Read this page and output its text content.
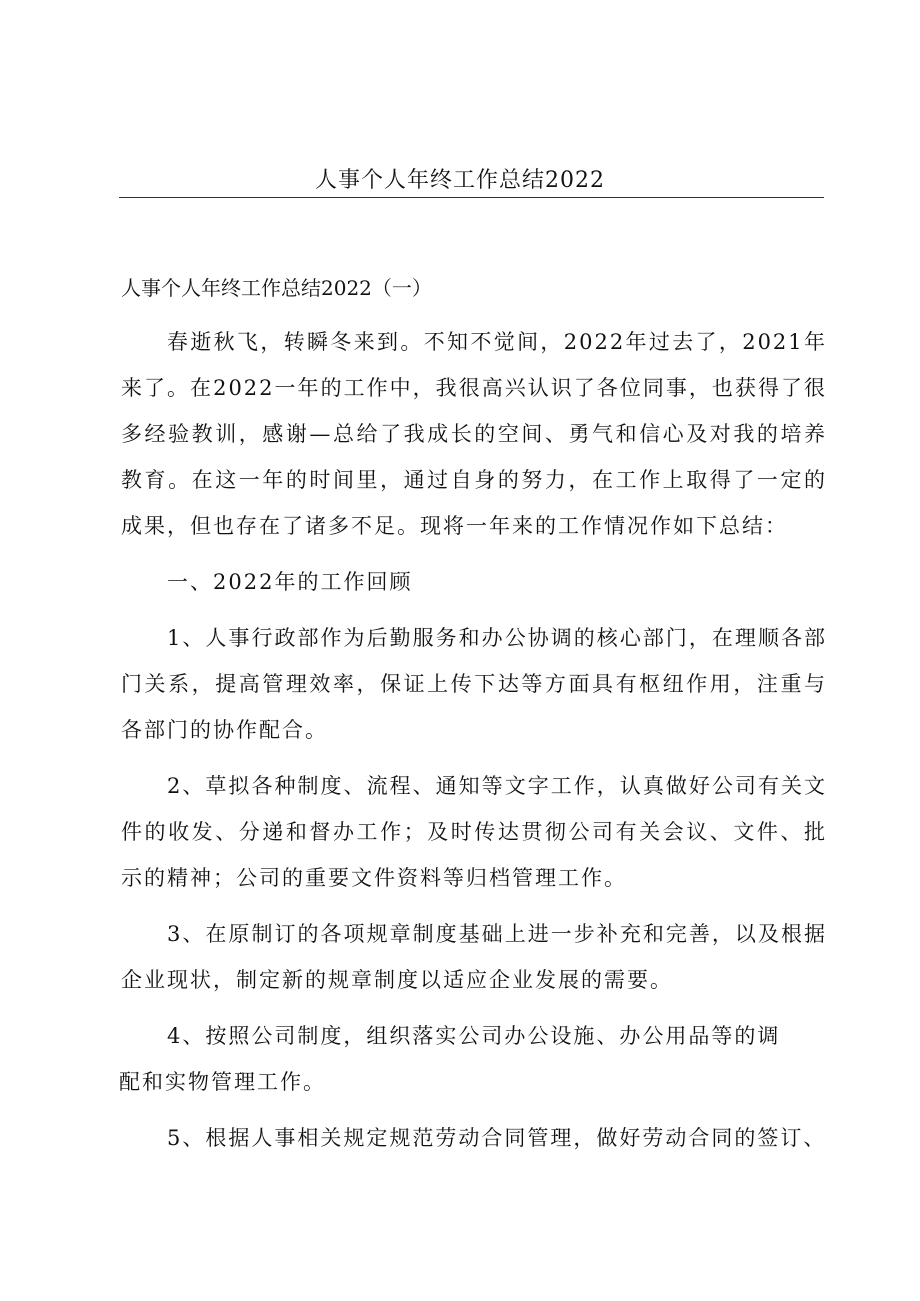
人事个人年终工作总结2022
人事个人年终工作总结2022（一）

春逝秋飞，转瞬冬来到。不知不觉间，2022年过去了，2021年来了。在2022一年的工作中，我很高兴认识了各位同事，也获得了很多经验教训，感谢—总给了我成长的空间、勇气和信心及对我的培养教育。在这一年的时间里，通过自身的努力，在工作上取得了一定的成果，但也存在了诸多不足。现将一年来的工作情况作如下总结：

一、2022年的工作回顾

1、人事行政部作为后勤服务和办公协调的核心部门，在理顺各部门关系，提高管理效率，保证上传下达等方面具有枢纽作用，注重与各部门的协作配合。

2、草拟各种制度、流程、通知等文字工作，认真做好公司有关文件的收发、分递和督办工作；及时传达贯彻公司有关会议、文件、批示的精神；公司的重要文件资料等归档管理工作。

3、在原制订的各项规章制度基础上进一步补充和完善，以及根据企业现状，制定新的规章制度以适应企业发展的需要。

4、按照公司制度，组织落实公司办公设施、办公用品等的调
配和实物管理工作。

5、根据人事相关规定规范劳动合同管理，做好劳动合同的签订、
